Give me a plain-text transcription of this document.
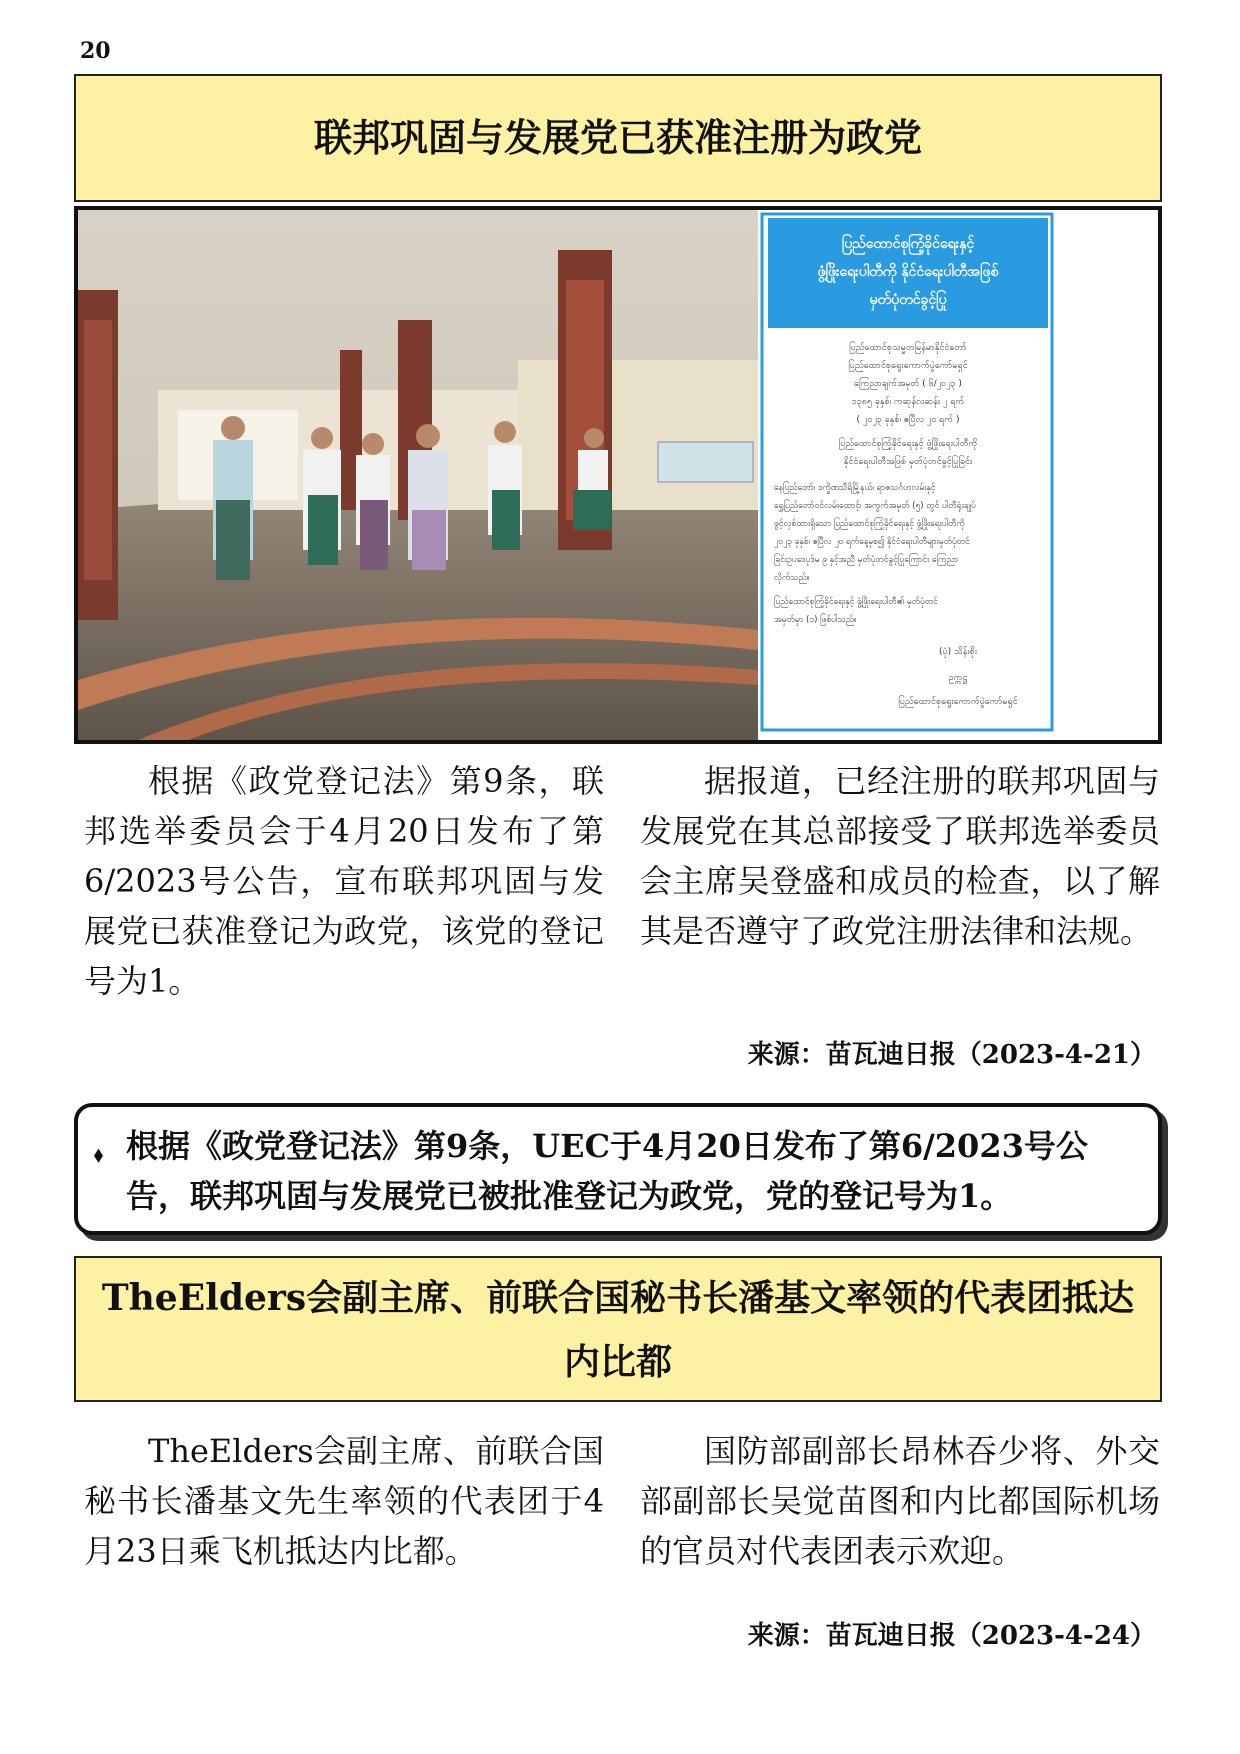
20
联邦巩固与发展党已获准注册为政党
ပြည်ထောင်စုကြံ့ခိုင်ရေးနှင့်
ဖွံ့ဖြိုးရေးပါတီကို နိုင်ငံရေးပါတီအဖြစ်
မှတ်ပုံတင်ခွင့်ပြု
ပြည်ထောင်စုသမ္မတမြန်မာနိုင်ငံတော်
ပြည်ထောင်စုရွေးကောက်ပွဲကော်မရှင်
ကြေညာချက်အမှတ် ( ၆/၂၀၂၃ )
၁၃၈၅ ခုနှစ်၊ ကဆုန်လဆန်း ၂ ရက်
( ၂၀၂၃ ခုနှစ်၊ ဧပြီလ ၂၀ ရက် )
ပြည်ထောင်စုကြံ့ခိုင်ရေးနှင့် ဖွံ့ဖြိုးရေးပါတီကို
နိုင်ငံရေးပါတီအဖြစ် မှတ်ပုံတင်ခွင့်ပြုခြင်း
နေပြည်တော်၊ ဒက္ခိဏသီရိမြို့နယ်၊ ရာဇသင်္ဂဟလမ်းနှင့်
ရွှေပြည်တော်ဝင်လမ်းထောင့်၊ အကွက်အမှတ် (၅) တွင် ပါတီရုံးချုပ်
ဖွင့်လှစ်ထားရှိသော ပြည်ထောင်စုကြံ့ခိုင်ရေးနှင့် ဖွံ့ဖြိုးရေးပါတီကို
၂၀၂၃ ခုနှစ်၊ ဧပြီလ ၂၀ ရက်နေ့မှစ၍ နိုင်ငံရေးပါတီများမှတ်ပုံတင်
ခြင်းဥပဒေပုဒ်မ ၉ နှင့်အညီ မှတ်ပုံတင်ခွင့်ပြုကြောင်း ကြေညာ
လိုက်သည်။
ပြည်ထောင်စုကြံ့ခိုင်ရေးနှင့် ဖွံ့ဖြိုးရေးပါတီ၏ မှတ်ပုံတင်
အမှတ်မှာ (၁) ဖြစ်ပါသည်။
(ပုံ) သိန်းစိုး
ဥက္ကဋ္ဌ
ပြည်ထောင်စုရွေးကောက်ပွဲကော်မရှင်

根据《政党登记法》第9条，联邦选举委员会于4月20日发布了第6/2023号公告，宣布联邦巩固与发展党已获准登记为政党，该党的登记号为1。

据报道，已经注册的联邦巩固与发展党在其总部接受了联邦选举委员会主席吴登盛和成员的检查，以了解其是否遵守了政党注册法律和法规。

来源：苗瓦迪日报（2023-4-21）
⬧ 根据《政党登记法》第9条，UEC于4月20日发布了第6/2023号公告，联邦巩固与发展党已被批准登记为政党，党的登记号为1。
TheElders会副主席、前联合国秘书长潘基文率领的代表团抵达内比都

TheElders会副主席、前联合国秘书长潘基文先生率领的代表团于4月23日乘飞机抵达内比都。

国防部副部长昂林吞少将、外交部副部长吴觉苗图和内比都国际机场的官员对代表团表示欢迎。

来源：苗瓦迪日报（2023-4-24）
